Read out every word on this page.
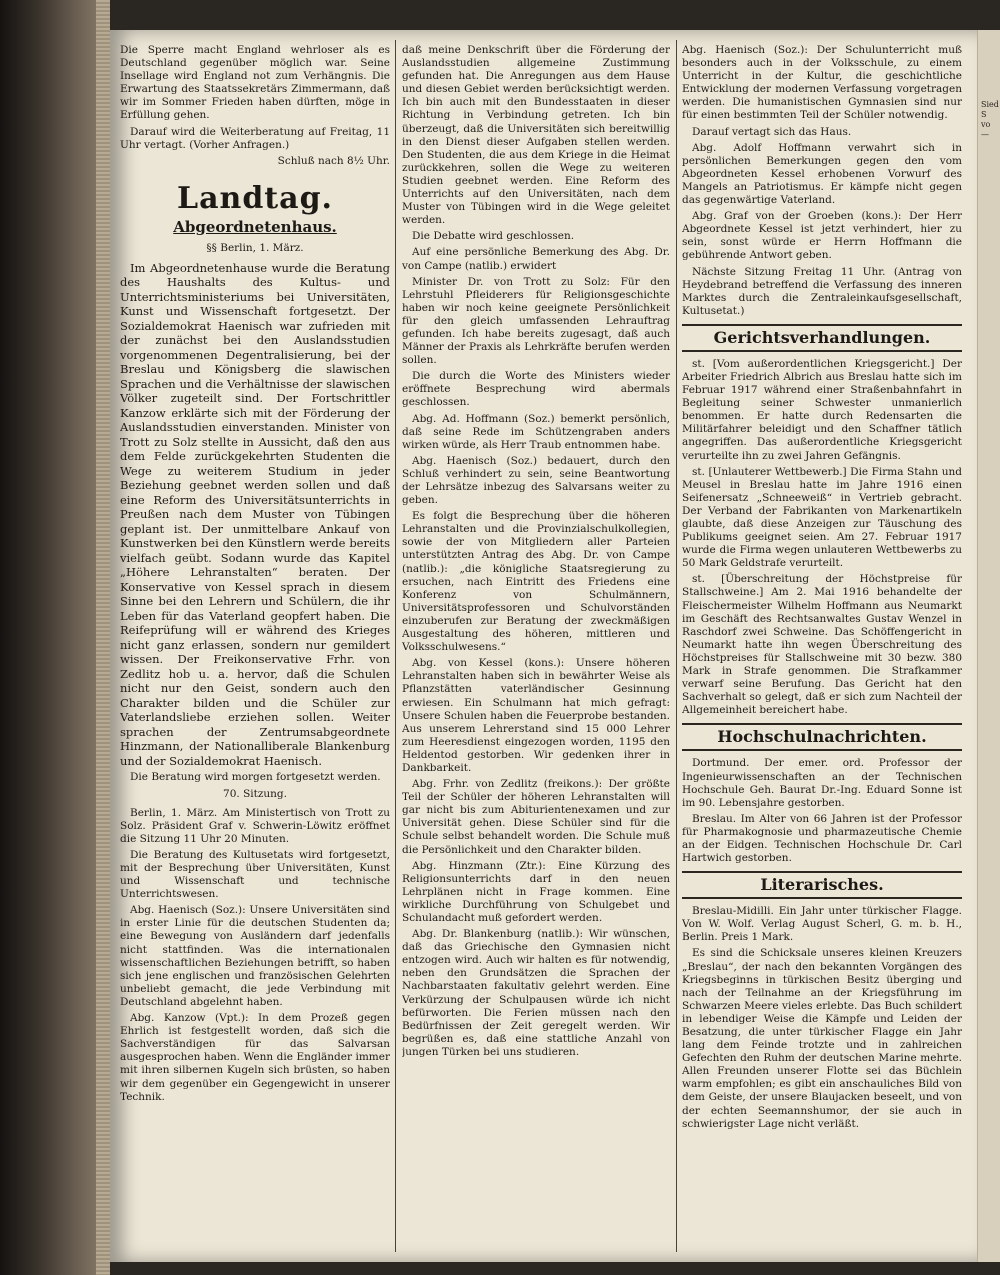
Die Sperre macht England wehrloser als es Deutschland gegenüber möglich war. Seine Insellage wird England not zum Verhängnis. Die Erwartung des Staatssekretärs Zimmermann, daß wir im Sommer Frieden haben dürften, möge in Erfüllung gehen.

Darauf wird die Weiterberatung auf Freitag, 11 Uhr vertagt. (Vorher Anfragen.)

Schluß nach 8½ Uhr.

Landtag.
Abgeordnetenhaus.
§§ Berlin, 1. März.

Im Abgeordnetenhause wurde die Beratung des Haushalts des Kultus- und Unterrichtsministeriums bei Universitäten, Kunst und Wissenschaft fortgesetzt. Der Sozialdemokrat Haenisch war zufrieden mit der zunächst bei den Auslandsstudien vorgenommenen Degentralisierung, bei der Breslau und Königsberg die slawischen Sprachen und die Verhältnisse der slawischen Völker zugeteilt sind. Der Fortschrittler Kanzow erklärte sich mit der Förderung der Auslandsstudien einverstanden. Minister von Trott zu Solz stellte in Aussicht, daß den aus dem Felde zurückgekehrten Studenten die Wege zu weiterem Studium in jeder Beziehung geebnet werden sollen und daß eine Reform des Universitätsunterrichts in Preußen nach dem Muster von Tübingen geplant ist. Der unmittelbare Ankauf von Kunstwerken bei den Künstlern werde bereits vielfach geübt. Sodann wurde das Kapitel „Höhere Lehranstalten“ beraten. Der Konservative von Kessel sprach in diesem Sinne bei den Lehrern und Schülern, die ihr Leben für das Vaterland geopfert haben. Die Reifeprüfung will er während des Krieges nicht ganz erlassen, sondern nur gemildert wissen. Der Freikonservative Frhr. von Zedlitz hob u. a. hervor, daß die Schulen nicht nur den Geist, sondern auch den Charakter bilden und die Schüler zur Vaterlandsliebe erziehen sollen. Weiter sprachen der Zentrumsabgeordnete Hinzmann, der Nationalliberale Blankenburg und der Sozialdemokrat Haenisch.

Die Beratung wird morgen fortgesetzt werden.

70. Sitzung.

Berlin, 1. März. Am Ministertisch von Trott zu Solz. Präsident Graf v. Schwerin-Löwitz eröffnet die Sitzung 11 Uhr 20 Minuten.

Die Beratung des Kultusetats wird fortgesetzt, mit der Besprechung über Universitäten, Kunst und Wissenschaft und technische Unterrichtswesen.

Abg. Haenisch (Soz.): Unsere Universitäten sind in erster Linie für die deutschen Studenten da; eine Bewegung von Ausländern darf jedenfalls nicht stattfinden. Was die internationalen wissenschaftlichen Beziehungen betrifft, so haben sich jene englischen und französischen Gelehrten unbeliebt gemacht, die jede Verbindung mit Deutschland abgelehnt haben.

Abg. Kanzow (Vpt.): In dem Prozeß gegen Ehrlich ist festgestellt worden, daß sich die Sachverständigen für das Salvarsan ausgesprochen haben. Wenn die Engländer immer mit ihren silbernen Kugeln sich brüsten, so haben wir dem gegenüber ein Gegengewicht in unserer Technik.

daß meine Denkschrift über die Förderung der Auslandsstudien allgemeine Zustimmung gefunden hat. Die Anregungen aus dem Hause und diesen Gebiet werden berücksichtigt werden. Ich bin auch mit den Bundesstaaten in dieser Richtung in Verbindung getreten. Ich bin überzeugt, daß die Universitäten sich bereitwillig in den Dienst dieser Aufgaben stellen werden. Den Studenten, die aus dem Kriege in die Heimat zurückkehren, sollen die Wege zu weiteren Studien geebnet werden. Eine Reform des Unterrichts auf den Universitäten, nach dem Muster von Tübingen wird in die Wege geleitet werden.

Die Debatte wird geschlossen.

Auf eine persönliche Bemerkung des Abg. Dr. von Campe (natlib.) erwidert

Minister Dr. von Trott zu Solz: Für den Lehrstuhl Pfleiderers für Religionsgeschichte haben wir noch keine geeignete Persönlichkeit für den gleich umfassenden Lehrauftrag gefunden. Ich habe bereits zugesagt, daß auch Männer der Praxis als Lehrkräfte berufen werden sollen.

Die durch die Worte des Ministers wieder eröffnete Besprechung wird abermals geschlossen.

Abg. Ad. Hoffmann (Soz.) bemerkt persönlich, daß seine Rede im Schützengraben anders wirken würde, als Herr Traub entnommen habe.

Abg. Haenisch (Soz.) bedauert, durch den Schluß verhindert zu sein, seine Beantwortung der Lehrsätze inbezug des Salvarsans weiter zu geben.

Es folgt die Besprechung über die höheren Lehranstalten und die Provinzialschulkollegien, sowie der von Mitgliedern aller Parteien unterstützten Antrag des Abg. Dr. von Campe (natlib.): „die königliche Staatsregierung zu ersuchen, nach Eintritt des Friedens eine Konferenz von Schulmännern, Universitätsprofessoren und Schulvorständen einzuberufen zur Beratung der zweckmäßigen Ausgestaltung des höheren, mittleren und Volksschulwesens.“

Abg. von Kessel (kons.): Unsere höheren Lehranstalten haben sich in bewährter Weise als Pflanzstätten vaterländischer Gesinnung erwiesen. Ein Schulmann hat mich gefragt: Unsere Schulen haben die Feuerprobe bestanden. Aus unserem Lehrerstand sind 15 000 Lehrer zum Heeresdienst eingezogen worden, 1195 den Heldentod gestorben. Wir gedenken ihrer in Dankbarkeit.

Abg. Frhr. von Zedlitz (freikons.): Der größte Teil der Schüler der höheren Lehranstalten will gar nicht bis zum Abiturientenexamen und zur Universität gehen. Diese Schüler sind für die Schule selbst behandelt worden. Die Schule muß die Persönlichkeit und den Charakter bilden.

Abg. Hinzmann (Ztr.): Eine Kürzung des Religionsunterrichts darf in den neuen Lehrplänen nicht in Frage kommen. Eine wirkliche Durchführung von Schulgebet und Schulandacht muß gefordert werden.

Abg. Dr. Blankenburg (natlib.): Wir wünschen, daß das Griechische den Gymnasien nicht entzogen wird. Auch wir halten es für notwendig, neben den Grundsätzen die Sprachen der Nachbarstaaten fakultativ gelehrt werden. Eine Verkürzung der Schulpausen würde ich nicht befürworten. Die Ferien müssen nach den Bedürfnissen der Zeit geregelt werden. Wir begrüßen es, daß eine stattliche Anzahl von jungen Türken bei uns studieren.

Abg. Haenisch (Soz.): Der Schulunterricht muß besonders auch in der Volksschule, zu einem Unterricht in der Kultur, die geschichtliche Entwicklung der modernen Verfassung vorgetragen werden. Die humanistischen Gymnasien sind nur für einen bestimmten Teil der Schüler notwendig.

Darauf vertagt sich das Haus.

Abg. Adolf Hoffmann verwahrt sich in persönlichen Bemerkungen gegen den vom Abgeordneten Kessel erhobenen Vorwurf des Mangels an Patriotismus. Er kämpfe nicht gegen das gegenwärtige Vaterland.

Abg. Graf von der Groeben (kons.): Der Herr Abgeordnete Kessel ist jetzt verhindert, hier zu sein, sonst würde er Herrn Hoffmann die gebührende Antwort geben.

Nächste Sitzung Freitag 11 Uhr. (Antrag von Heydebrand betreffend die Verfassung des inneren Marktes durch die Zentraleinkaufsgesellschaft, Kultusetat.)

Gerichtsverhandlungen.

st. [Vom außerordentlichen Kriegsgericht.] Der Arbeiter Friedrich Albrich aus Breslau hatte sich im Februar 1917 während einer Straßenbahnfahrt in Begleitung seiner Schwester unmanierlich benommen. Er hatte durch Redensarten die Militärfahrer beleidigt und den Schaffner tätlich angegriffen. Das außerordentliche Kriegsgericht verurteilte ihn zu zwei Jahren Gefängnis.

st. [Unlauterer Wettbewerb.] Die Firma Stahn und Meusel in Breslau hatte im Jahre 1916 einen Seifenersatz „Schneeweiß“ in Vertrieb gebracht. Der Verband der Fabrikanten von Markenartikeln glaubte, daß diese Anzeigen zur Täuschung des Publikums geeignet seien. Am 27. Februar 1917 wurde die Firma wegen unlauteren Wettbewerbs zu 50 Mark Geldstrafe verurteilt.

st. [Überschreitung der Höchstpreise für Stallschweine.] Am 2. Mai 1916 behandelte der Fleischermeister Wilhelm Hoffmann aus Neumarkt im Geschäft des Rechtsanwaltes Gustav Wenzel in Raschdorf zwei Schweine. Das Schöffengericht in Neumarkt hatte ihn wegen Überschreitung des Höchstpreises für Stallschweine mit 30 bezw. 380 Mark in Strafe genommen. Die Strafkammer verwarf seine Berufung. Das Gericht hat den Sachverhalt so gelegt, daß er sich zum Nachteil der Allgemeinheit bereichert habe.

Hochschulnachrichten.

Dortmund. Der emer. ord. Professor der Ingenieurwissenschaften an der Technischen Hochschule Geh. Baurat Dr.-Ing. Eduard Sonne ist im 90. Lebensjahre gestorben.

Breslau. Im Alter von 66 Jahren ist der Professor für Pharmakognosie und pharmazeutische Chemie an der Eidgen. Technischen Hochschule Dr. Carl Hartwich gestorben.

Literarisches.

Breslau-Midilli. Ein Jahr unter türkischer Flagge. Von W. Wolf. Verlag August Scherl, G. m. b. H., Berlin. Preis 1 Mark.

Es sind die Schicksale unseres kleinen Kreuzers „Breslau“, der nach den bekannten Vorgängen des Kriegsbeginns in türkischen Besitz überging und nach der Teilnahme an der Kriegsführung im Schwarzen Meere vieles erlebte. Das Buch schildert in lebendiger Weise die Kämpfe und Leiden der Besatzung, die unter türkischer Flagge ein Jahr lang dem Feinde trotzte und in zahlreichen Gefechten den Ruhm der deutschen Marine mehrte. Allen Freunden unserer Flotte sei das Büchlein warm empfohlen; es gibt ein anschauliches Bild von dem Geiste, der unsere Blaujacken beseelt, und von der echten Seemannshumor, der sie auch in schwierigster Lage nicht verläßt.

Sied
S
vo
—
